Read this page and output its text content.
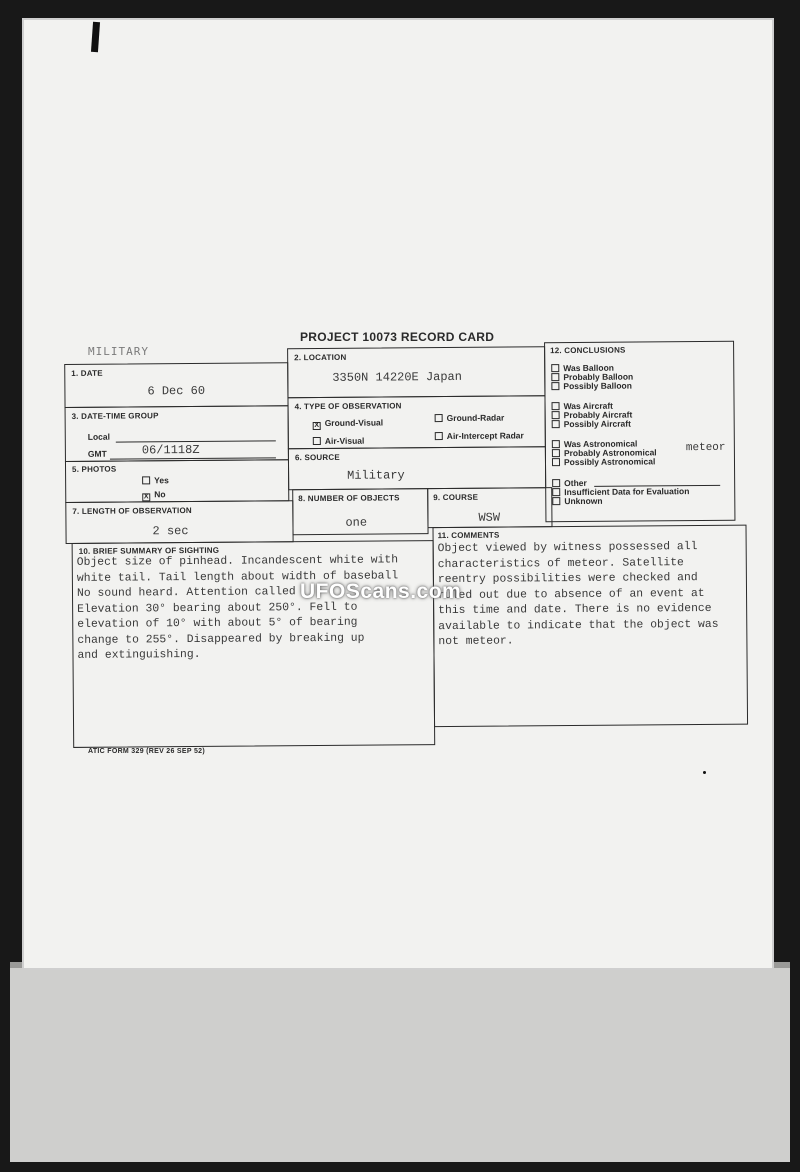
MILITARY
PROJECT 10073 RECORD CARD
1. DATE
6 Dec 60
2. LOCATION
3350N 14220E Japan
3. DATE-TIME GROUP
Local
GMT	06/1118Z
4. TYPE OF OBSERVATION
X Ground-Visual	Ground-Radar
Air-Visual	Air-Intercept Radar
5. PHOTOS
Yes
X No
6. SOURCE
Military
7. LENGTH OF OBSERVATION
2 sec
8. NUMBER OF OBJECTS
one
9. COURSE
WSW
12. CONCLUSIONS
Was Balloon
Probably Balloon
Possibly Balloon
Was Aircraft
Probably Aircraft
Possibly Aircraft
Was Astronomical
Probably Astronomical	meteor
Possibly Astronomical
Other
Insufficient Data for Evaluation
Unknown
10. BRIEF SUMMARY OF SIGHTING
Object size of pinhead. Incandescent white with
white tail. Tail length about width of baseball
No sound heard. Attention called
Elevation 30° bearing about 250°. Fell to
elevation of 10° with about 5° of bearing
change to 255°. Disappeared by breaking up
and extinguishing.
11. COMMENTS
Object viewed by witness possessed all
characteristics of meteor. Satellite
reentry possibilities were checked and
ruled out due to absence of an event at
this time and date. There is no evidence
available to indicate that the object was
not meteor.
UFOScans.com
ATIC FORM 329 (REV 26 SEP 52)
